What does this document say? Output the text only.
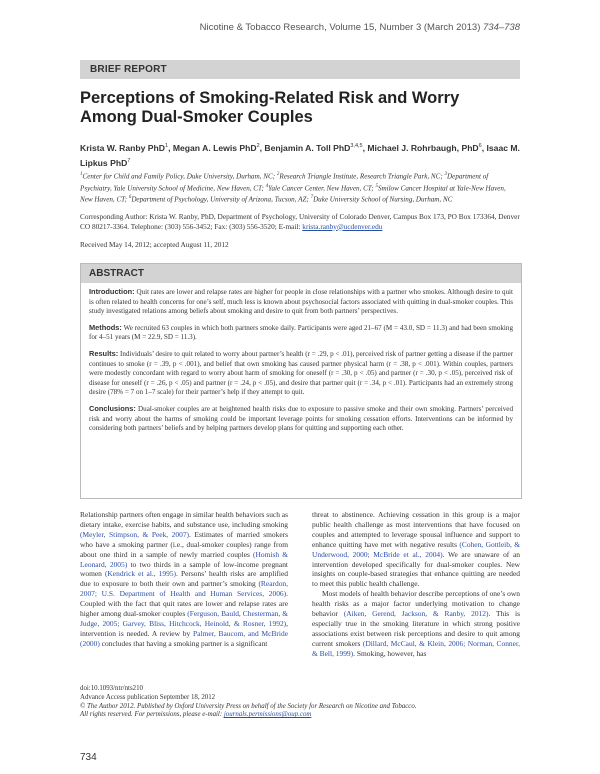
Nicotine & Tobacco Research, Volume 15, Number 3 (March 2013) 734–738
BRIEF REPORT
Perceptions of Smoking-Related Risk and Worry Among Dual-Smoker Couples
Krista W. Ranby PhD$^1$, Megan A. Lewis PhD$^2$, Benjamin A. Toll PhD$^{3,4,5}$, Michael J. Rohrbaugh, PhD$^6$, Isaac M. Lipkus PhD$^7$
$^1$Center for Child and Family Policy, Duke University, Durham, NC; $^2$Research Triangle Institute, Research Triangle Park, NC; $^3$Department of Psychiatry, Yale University School of Medicine, New Haven, CT; $^4$Yale Cancer Center, New Haven, CT; $^5$Smilow Cancer Hospital at Yale-New Haven, New Haven, CT; $^6$Department of Psychology, University of Arizona, Tucson, AZ; $^7$Duke University School of Nursing, Durham, NC
Corresponding Author: Krista W. Ranby, PhD, Department of Psychology, University of Colorado Denver, Campus Box 173, PO Box 173364, Denver CO 80217-3364. Telephone: (303) 556-3452; Fax: (303) 556-3520; E-mail: krista.ranby@ucdenver.edu
Received May 14, 2012; accepted August 11, 2012
ABSTRACT

Introduction: Quit rates are lower and relapse rates are higher for people in close relationships with a partner who smokes. Although desire to quit is often related to health concerns for one’s self, much less is known about psychosocial factors associated with quitting in dual-smoker couples. This study investigated relations among beliefs about smoking and desire to quit from both partners’ perspectives.

Methods: We recruited 63 couples in which both partners smoke daily. Participants were aged 21–67 (M = 43.0, SD = 11.3) and had been smoking for 4–51 years (M = 22.9, SD = 11.3).

Results: Individuals’ desire to quit related to worry about partner’s health (r = .29, p < .01), perceived risk of partner getting a disease if the partner continues to smoke (r = .39, p < .001), and belief that own smoking has caused partner physical harm (r = .38, p < .001). Within couples, partners were modestly concordant with regard to worry about harm of smoking for oneself (r = .30, p < .05) and partner (r = .30, p < .05), perceived risk of disease for oneself (r = .26, p < .05) and partner (r = .24, p < .05), and desire that partner quit (r = .34, p < .01). Participants had an extremely strong desire (78% = 7 on 1–7 scale) for their partner’s help if they attempt to quit.

Conclusions: Dual-smoker couples are at heightened health risks due to exposure to passive smoke and their own smoking. Partners’ perceived risk and worry about the harms of smoking could be important leverage points for smoking cessation efforts. Interventions can be informed by considering both partners’ beliefs and by helping partners develop plans for quitting and supporting each other.

Relationship partners often engage in similar health behaviors such as dietary intake, exercise habits, and substance use, including smoking (Meyler, Stimpson, & Peek, 2007). Estimates of married smokers who have a smoking partner (i.e., dual-smoker couples) range from about one third in a sample of newly married couples (Homish & Leonard, 2005) to two thirds in a sample of low-income pregnant women (Kendrick et al., 1995). Persons’ health risks are amplified due to exposure to both their own and partner’s smoking (Reardon, 2007; U.S. Department of Health and Human Services, 2006). Coupled with the fact that quit rates are lower and relapse rates are higher among dual-smoker couples (Ferguson, Bauld, Chesterman, & Judge, 2005; Garvey, Bliss, Hitchcock, Heinold, & Rosner, 1992), intervention is needed. A review by Palmer, Baucom, and McBride (2000) concludes that having a smoking partner is a significant

threat to abstinence. Achieving cessation in this group is a major public health challenge as most interventions that have focused on couples and attempted to leverage spousal influence and support to enhance quitting have met with negative results (Cohen, Gottleib, & Underwood, 2000; McBride et al., 2004). We are unaware of an intervention developed specifically for dual-smoker couples. New insights on couple-based strategies that enhance quitting are needed to meet this public health challenge.

Most models of health behavior describe perceptions of one’s own health risks as a major factor underlying motivation to change behavior (Aiken, Gerend, Jackson, & Ranby, 2012). This is especially true in the smoking literature in which strong positive associations exist between risk perceptions and desire to quit among current smokers (Dillard, McCaul, & Klein, 2006; Norman, Conner, & Bell, 1999). Smoking, however, has

doi:10.1093/ntr/nts210
Advance Access publication September 18, 2012
© The Author 2012. Published by Oxford University Press on behalf of the Society for Research on Nicotine and Tobacco.
All rights reserved. For permissions, please e-mail: journals.permissions@oup.com
734
